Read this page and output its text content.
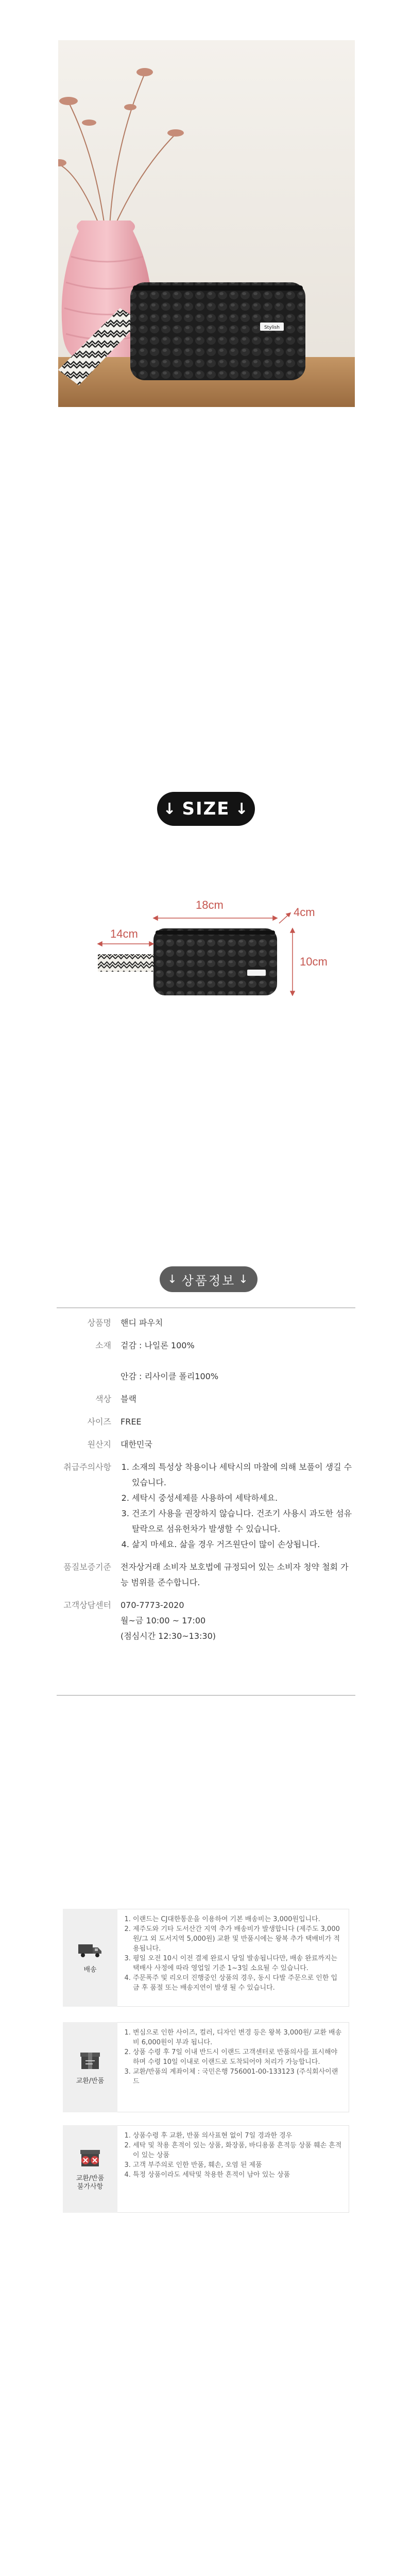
Stylish
↓ SIZE ↓
18cm
4cm
10cm
14cm
↓ 상품정보 ↓
상품명	핸디 파우치
소재	겉감 : 나일론 100%
안감 : 리사이클 폴리100%
색상	블랙
사이즈	FREE
원산지	대한민국
취급주의사항
1.	소재의 특성상 착용이나 세탁시의 마찰에 의해 보풀이 생길 수 있습니다.
2. 세탁시 중성세제를 사용하여 세탁하세요.
3. 건조기 사용을 권장하지 않습니다. 건조기 사용시 과도한 섬유 탈락으로 섬유헌차가 발생할 수 있습니다.
4. 삶지 마세요. 삶을 경우 거즈원단이 많이 손상됩니다.
품질보증기준	전자상거래 소비자 보호법에 규정되어 있는 소비자 청약 철회 가능 범위를 준수합니다.
고객상담센터	070-7773-2020
월~금 10:00 ~ 17:00
(점심시간 12:30~13:30)
배송
1. 이랜드는 CJ대한통운을 이용하여 기본 배송비는 3,000원입니다.
2. 제주도와 기타 도서산간 지역 추가 배송비가 발생합니다 (제주도 3,000원/그 외 도서지역 5,000원) 교환 및 반품시에는 왕복 추가 택배비가 적용됩니다.
3. 평일 오전 10시 이전 결제 완료시 당일 발송됩니다만, 배송 완료까지는 택배사 사정에 따라 영업일 기준 1~3일 소요될 수 있습니다.
4. 주문폭주 및 리오더 진행중인 상품의 경우, 동시 다발 주문으로 인한 입금 후 품절 또는 배송지연이 발생 될 수 있습니다.
교환/반품
1. 변심으로 인한 사이즈, 컬러, 디자인 변경 등은 왕복 3,000원/ 교환 배송비 6,000원이 부과 됩니다.
2. 상품 수령 후 7일 이내 반드시 이랜드 고객센터로 반품의사를 표시해야 하며 수령 10일 이내로 이랜드로 도착되어야 처리가 가능합니다.
3. 교환/반품의 계좌이체 : 국민은행 756001-00-133123 (주식회사이랜드
교환/반품
불가사항
1. 상품수령 후 교환, 반품 의사표현 없이 7일 경과한 경우
2. 세탁 및 착용 흔적이 있는 상품, 화장품, 바디용품 흔적등 상품 훼손 흔적이 있는 상품
3. 고객 부주의로 인한 반품, 훼손, 오염 된 제품
4. 특정 상품이라도 세탁및 착용한 흔적이 남아 있는 상품
